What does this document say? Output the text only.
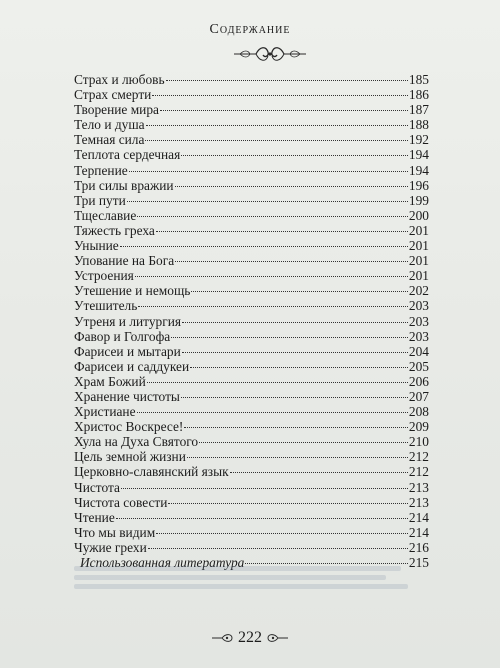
Содержание
Страх и любовь	185
Страх смерти	186
Творение мира	187
Тело и душа	188
Темная сила	192
Теплота сердечная	194
Терпение	194
Три силы вражии	196
Три пути	199
Тщеславие	200
Тяжесть греха	201
Уныние	201
Упование на Бога	201
Устроения	201
Утешение и немощь	202
Утешитель	203
Утреня и литургия	203
Фавор и Голгофа	203
Фарисеи и мытари	204
Фарисеи и саддукеи	205
Храм Божий	206
Хранение чистоты	207
Христиане	208
Христос Воскресе!	209
Хула на Духа Святого	210
Цель земной жизни	212
Церковно-славянский язык	212
Чистота	213
Чистота совести	213
Чтение	214
Что мы видим	214
Чужие грехи	216
Использованная литература	215
222
